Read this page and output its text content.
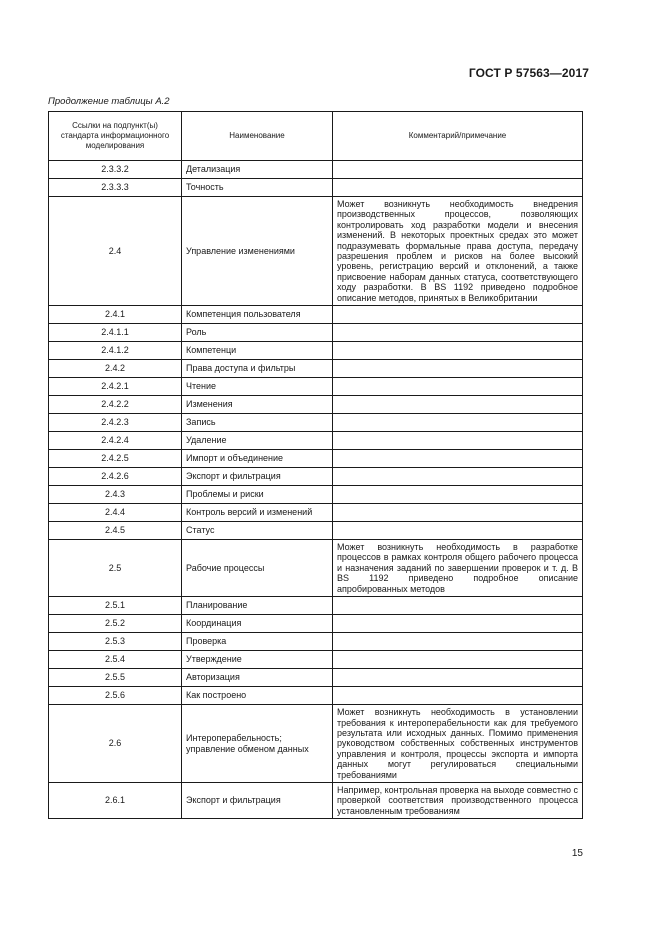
ГОСТ Р 57563—2017
Продолжение таблицы А.2
Ссылки на подпункт(ы) стандарта информационного моделирования	Наименование	Комментарий/примечание
2.3.3.2	Детализация	
2.3.3.3	Точность	
2.4	Управление изменениями	Может возникнуть необходимость внедрения производственных процессов, позволяющих контролировать ход разработки модели и внесения изменений. В некоторых проектных средах это может подразумевать формальные права доступа, передачу разрешения проблем и рисков на более высокий уровень, регистрацию версий и отклонений, а также присвоение наборам данных статуса, соответствующего ходу разработки. В BS 1192 приведено подробное описание методов, принятых в Великобритании
2.4.1	Компетенция пользователя	
2.4.1.1	Роль	
2.4.1.2	Компетенци	
2.4.2	Права доступа и фильтры	
2.4.2.1	Чтение	
2.4.2.2	Изменения	
2.4.2.3	Запись	
2.4.2.4	Удаление	
2.4.2.5	Импорт и объединение	
2.4.2.6	Экспорт и фильтрация	
2.4.3	Проблемы и риски	
2.4.4	Контроль версий и изменений	
2.4.5	Статус	
2.5	Рабочие процессы	Может возникнуть необходимость в разработке процессов в рамках контроля общего рабочего процесса и назначения заданий по завершении проверок и т. д. В BS 1192 приведено подробное описание апробированных методов
2.5.1	Планирование	
2.5.2	Координация	
2.5.3	Проверка	
2.5.4	Утверждение	
2.5.5	Авторизация	
2.5.6	Как построено	
2.6	Интероперабельность; управление обменом данных	Может возникнуть необходимость в установлении требования к интероперабельности как для требуемого результата или исходных данных. Помимо применения руководством собственных собственных инструментов управления и контроля, процессы экспорта и импорта данных могут регулироваться специальными требованиями
2.6.1	Экспорт и фильтрация	Например, контрольная проверка на выходе совместно с проверкой соответствия производственного процесса установленным требованиям
15
